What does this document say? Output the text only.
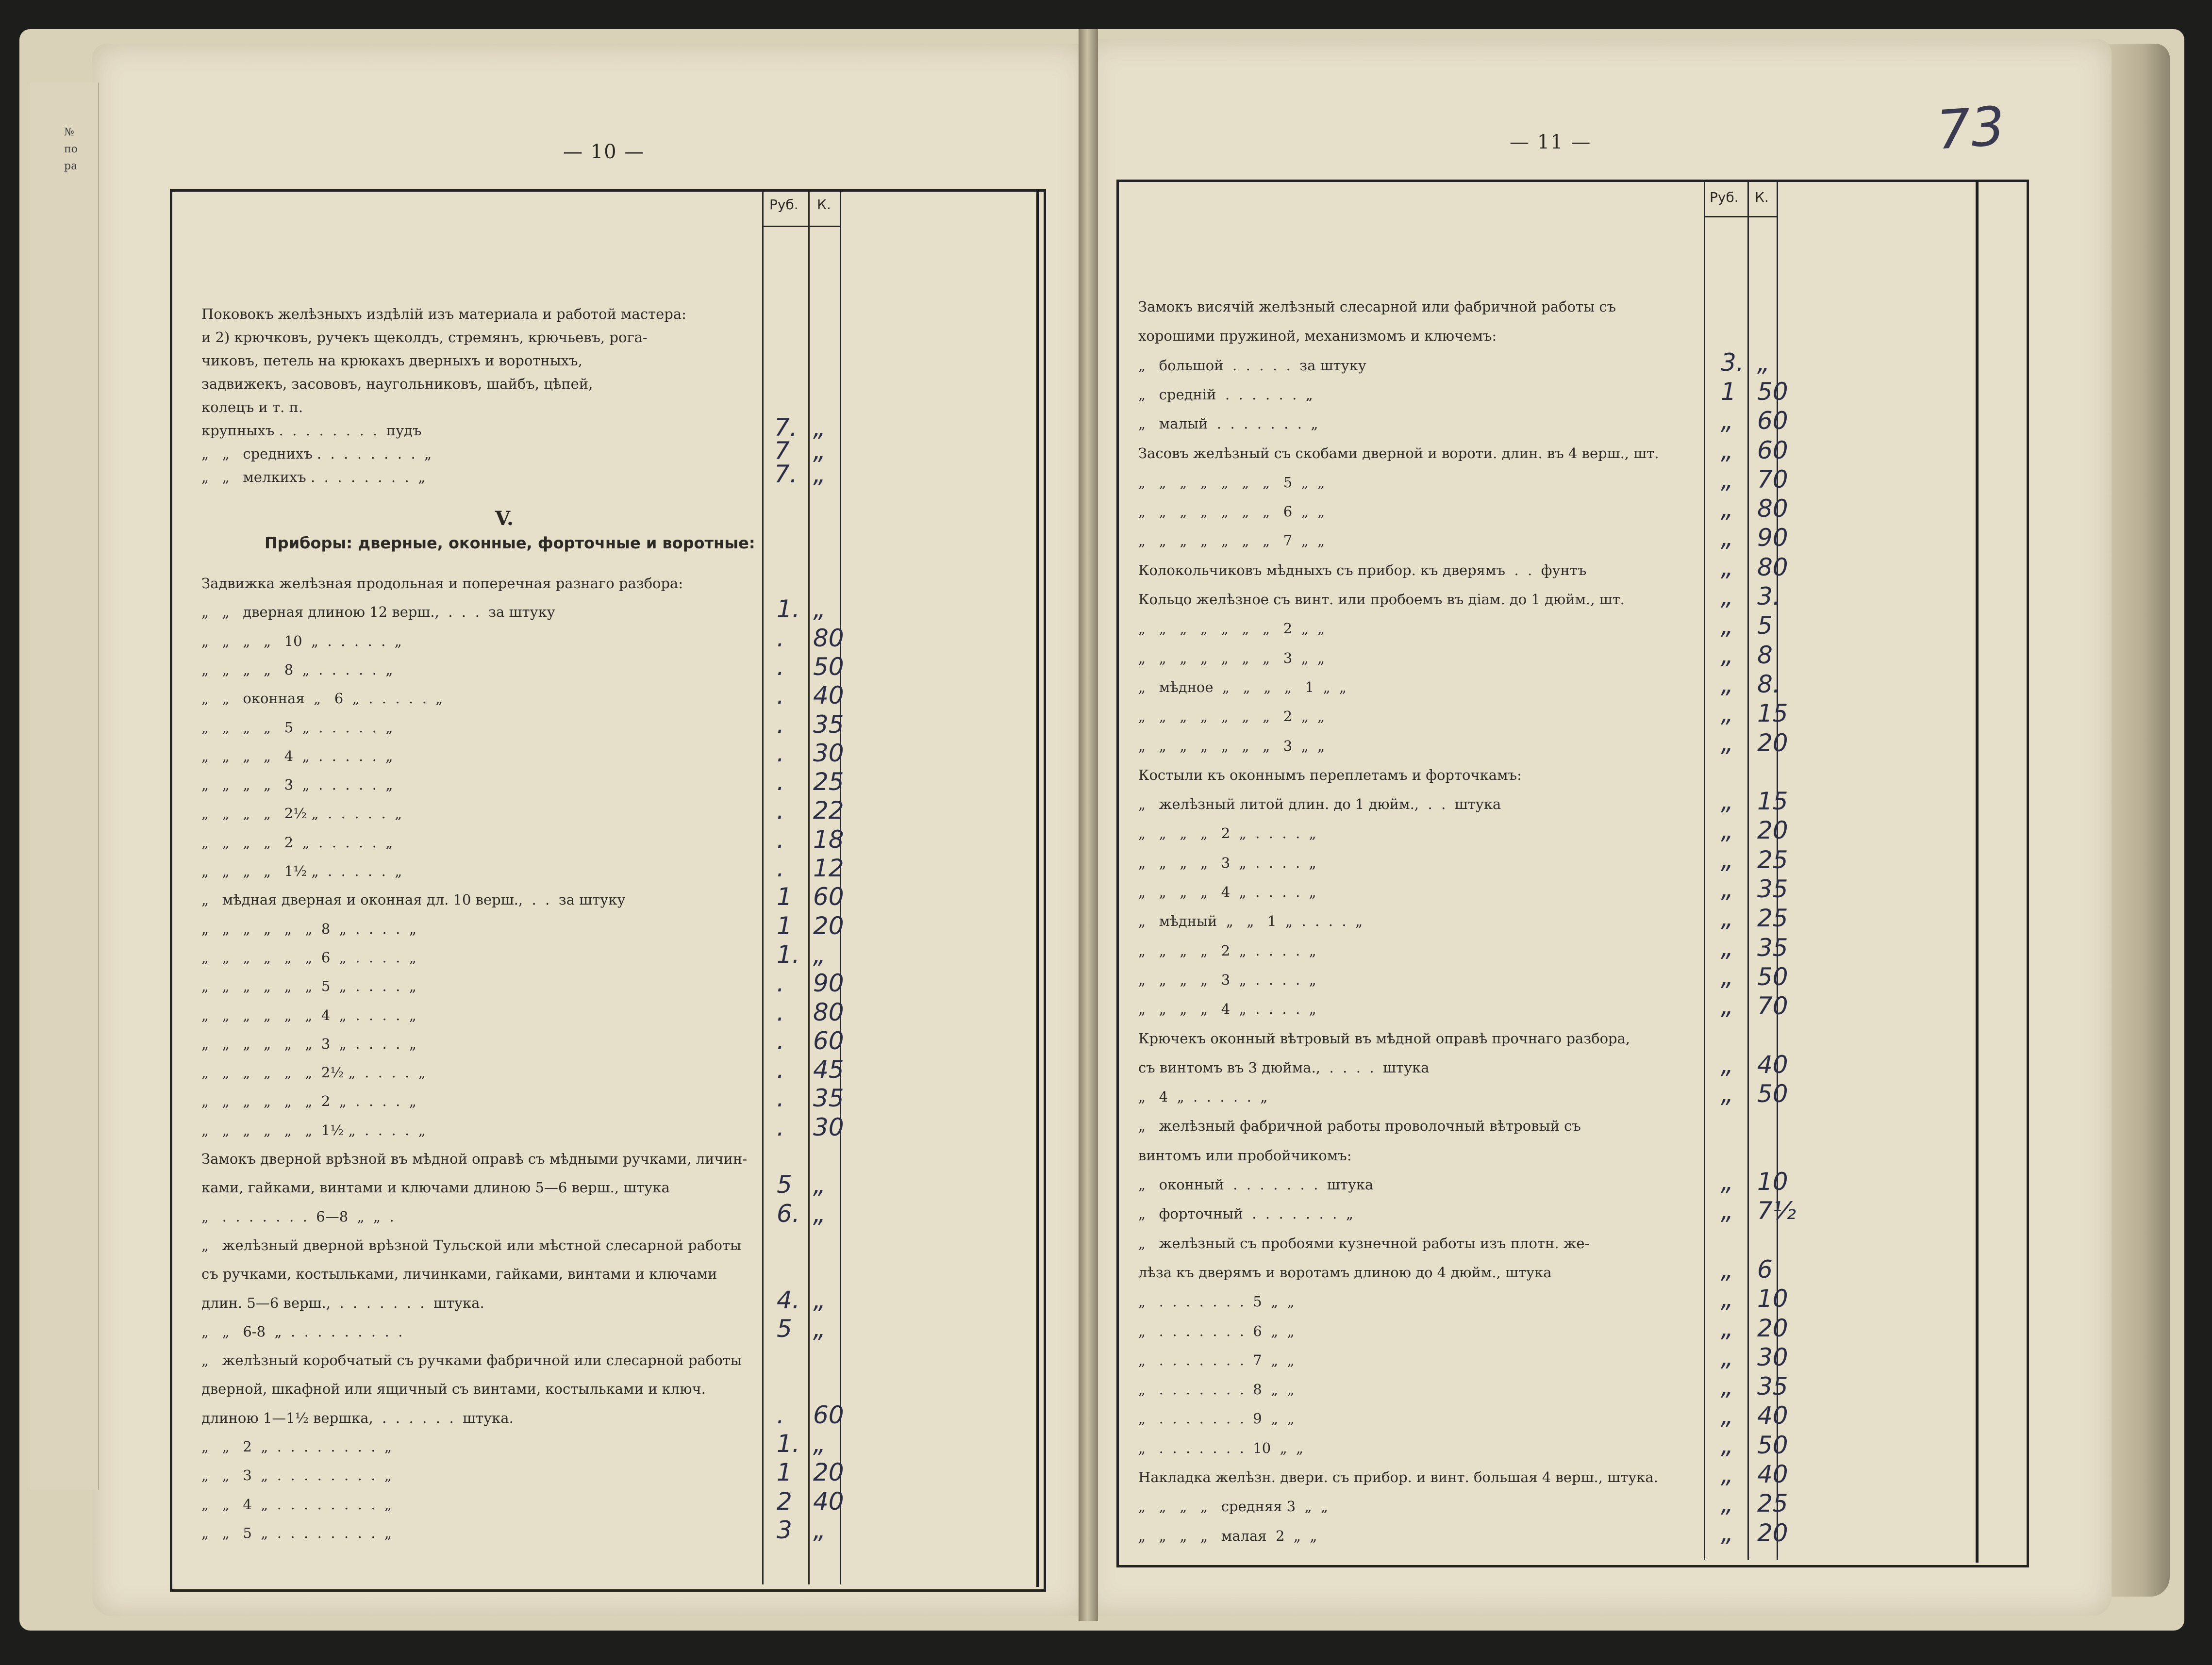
№
по
ра
— 10 —	— 11 —	73
Руб. К.	Руб. К.
V.
Приборы: дверные, оконные, форточные и воротные:
Поковокъ желѣзныхъ издѣлій изъ материала и работой мастера:
и 2) крючковъ, ручекъ щеколдъ, стремянъ, крючьевъ, рога-
чиковъ, петель на крюкахъ дверныхъ и воротныхъ,
задвижекъ, засововъ, наугольниковъ, шайбъ, цѣпей,
колецъ и т. п.
крупныхъ .  .  .  .  .  .  .  .  пудъ	7. „
„   „   среднихъ .  .  .  .  .  .  .  .  „	7 „
„   „   мелкихъ .  .  .  .  .  .  .  .  „	7. „
Задвижка желѣзная продольная и поперечная разнаго разбора:
„   „   дверная длиною 12 верш.,  .  .  .  за штуку	1. „
„   „   „   „   10  „  .  .  .  .  .  „	. 80
„   „   „   „   8  „  .  .  .  .  .  „	. 50
„   „   оконная  „   6  „  .  .  .  .  .  „	. 40
„   „   „   „   5  „  .  .  .  .  .  „	. 35
„   „   „   „   4  „  .  .  .  .  .  „	. 30
„   „   „   „   3  „  .  .  .  .  .  „	. 25
„   „   „   „   2½ „  .  .  .  .  .  „	. 22
„   „   „   „   2  „  .  .  .  .  .  „	. 18
„   „   „   „   1½ „  .  .  .  .  .  „	. 12
„   мѣдная дверная и оконная дл. 10 верш.,  .  .  за штуку	1 60
„   „   „   „   „   „  8  „  .  .  .  .  „	1 20
„   „   „   „   „   „  6  „  .  .  .  .  „	1. „
„   „   „   „   „   „  5  „  .  .  .  .  „	. 90
„   „   „   „   „   „  4  „  .  .  .  .  „	. 80
„   „   „   „   „   „  3  „  .  .  .  .  „	. 60
„   „   „   „   „   „  2½ „  .  .  .  .  „	. 45
„   „   „   „   „   „  2  „  .  .  .  .  „	. 35
„   „   „   „   „   „  1½ „  .  .  .  .  „	. 30
Замокъ дверной врѣзной въ мѣдной оправѣ съ мѣдными ручками, личин-
ками, гайками, винтами и ключами длиною 5—6 верш., штука	5 „
„   .  .  .  .  .  .  .  6—8  „  „  .	6. „
„   желѣзный дверной врѣзной Тульской или мѣстной слесарной работы
съ ручками, костыльками, личинками, гайками, винтами и ключами
длин. 5—6 верш.,  .  .  .  .  .  .  .  штука.	4. „
„   „   6-8  „  .  .  .  .  .  .  .  .  .	5 „
„   желѣзный коробчатый съ ручками фабричной или слесарной работы
дверной, шкафной или ящичный съ винтами, костыльками и ключ.
длиною 1—1½ вершка,  .  .  .  .  .  .  штука.	. 60
„   „   2  „  .  .  .  .  .  .  .  .  „	1. „
„   „   3  „  .  .  .  .  .  .  .  .  „	1 20
„   „   4  „  .  .  .  .  .  .  .  .  „	2 40
„   „   5  „  .  .  .  .  .  .  .  .  „	3 „
Замокъ висячій желѣзный слесарной или фабричной работы съ
хорошими пружиной, механизмомъ и ключемъ:
„   большой  .  .  .  .  .  за штуку	3. „
„   средній  .  .  .  .  .  .  „	1 50
„   малый  .  .  .  .  .  .  .  „	„ 60
Засовъ желѣзный съ скобами дверной и вороти. длин. въ 4 верш., шт.	„ 60
„   „   „   „   „   „   „   5  „  „	„ 70
„   „   „   „   „   „   „   6  „  „	„ 80
„   „   „   „   „   „   „   7  „  „	„ 90
Колокольчиковъ мѣдныхъ съ прибор. къ дверямъ  .  .  фунтъ	„ 80
Кольцо желѣзное съ винт. или пробоемъ въ діам. до 1 дюйм., шт.	„ 3.
„   „   „   „   „   „   „   2  „  „	„ 5
„   „   „   „   „   „   „   3  „  „	„ 8
„   мѣдное  „   „   „   „   1  „  „	„ 8.
„   „   „   „   „   „   „   2  „  „	„ 15
„   „   „   „   „   „   „   3  „  „	„ 20
Костыли къ оконнымъ переплетамъ и форточкамъ:
„   желѣзный литой длин. до 1 дюйм.,  .  .  штука	„ 15
„   „   „   „   2  „  .  .  .  .  „	„ 20
„   „   „   „   3  „  .  .  .  .  „	„ 25
„   „   „   „   4  „  .  .  .  .  „	„ 35
„   мѣдный  „   „   1  „  .  .  .  .  „	„ 25
„   „   „   „   2  „  .  .  .  .  „	„ 35
„   „   „   „   3  „  .  .  .  .  „	„ 50
„   „   „   „   4  „  .  .  .  .  „	„ 70
Крючекъ оконный вѣтровый въ мѣдной оправѣ прочнаго разбора,
съ винтомъ въ 3 дюйма.,  .  .  .  .  штука	„ 40
„   4  „  .  .  .  .  .  „	„ 50
„   желѣзный фабричной работы проволочный вѣтровый съ
винтомъ или пробойчикомъ:
„   оконный  .  .  .  .  .  .  .  штука	„ 10
„   форточный  .  .  .  .  .  .  .  „	„ 7½
„   желѣзный съ пробоями кузнечной работы изъ плотн. же-
лѣза къ дверямъ и воротамъ длиною до 4 дюйм., штука	„ 6
„   .  .  .  .  .  .  .  5  „  „	„ 10
„   .  .  .  .  .  .  .  6  „  „	„ 20
„   .  .  .  .  .  .  .  7  „  „	„ 30
„   .  .  .  .  .  .  .  8  „  „	„ 35
„   .  .  .  .  .  .  .  9  „  „	„ 40
„   .  .  .  .  .  .  .  10  „  „	„ 50
Накладка желѣзн. двери. съ прибор. и винт. большая 4 верш., штука.	„ 40
„   „   „   „   средняя 3  „  „	„ 25
„   „   „   „   малая  2  „  „	„ 20
